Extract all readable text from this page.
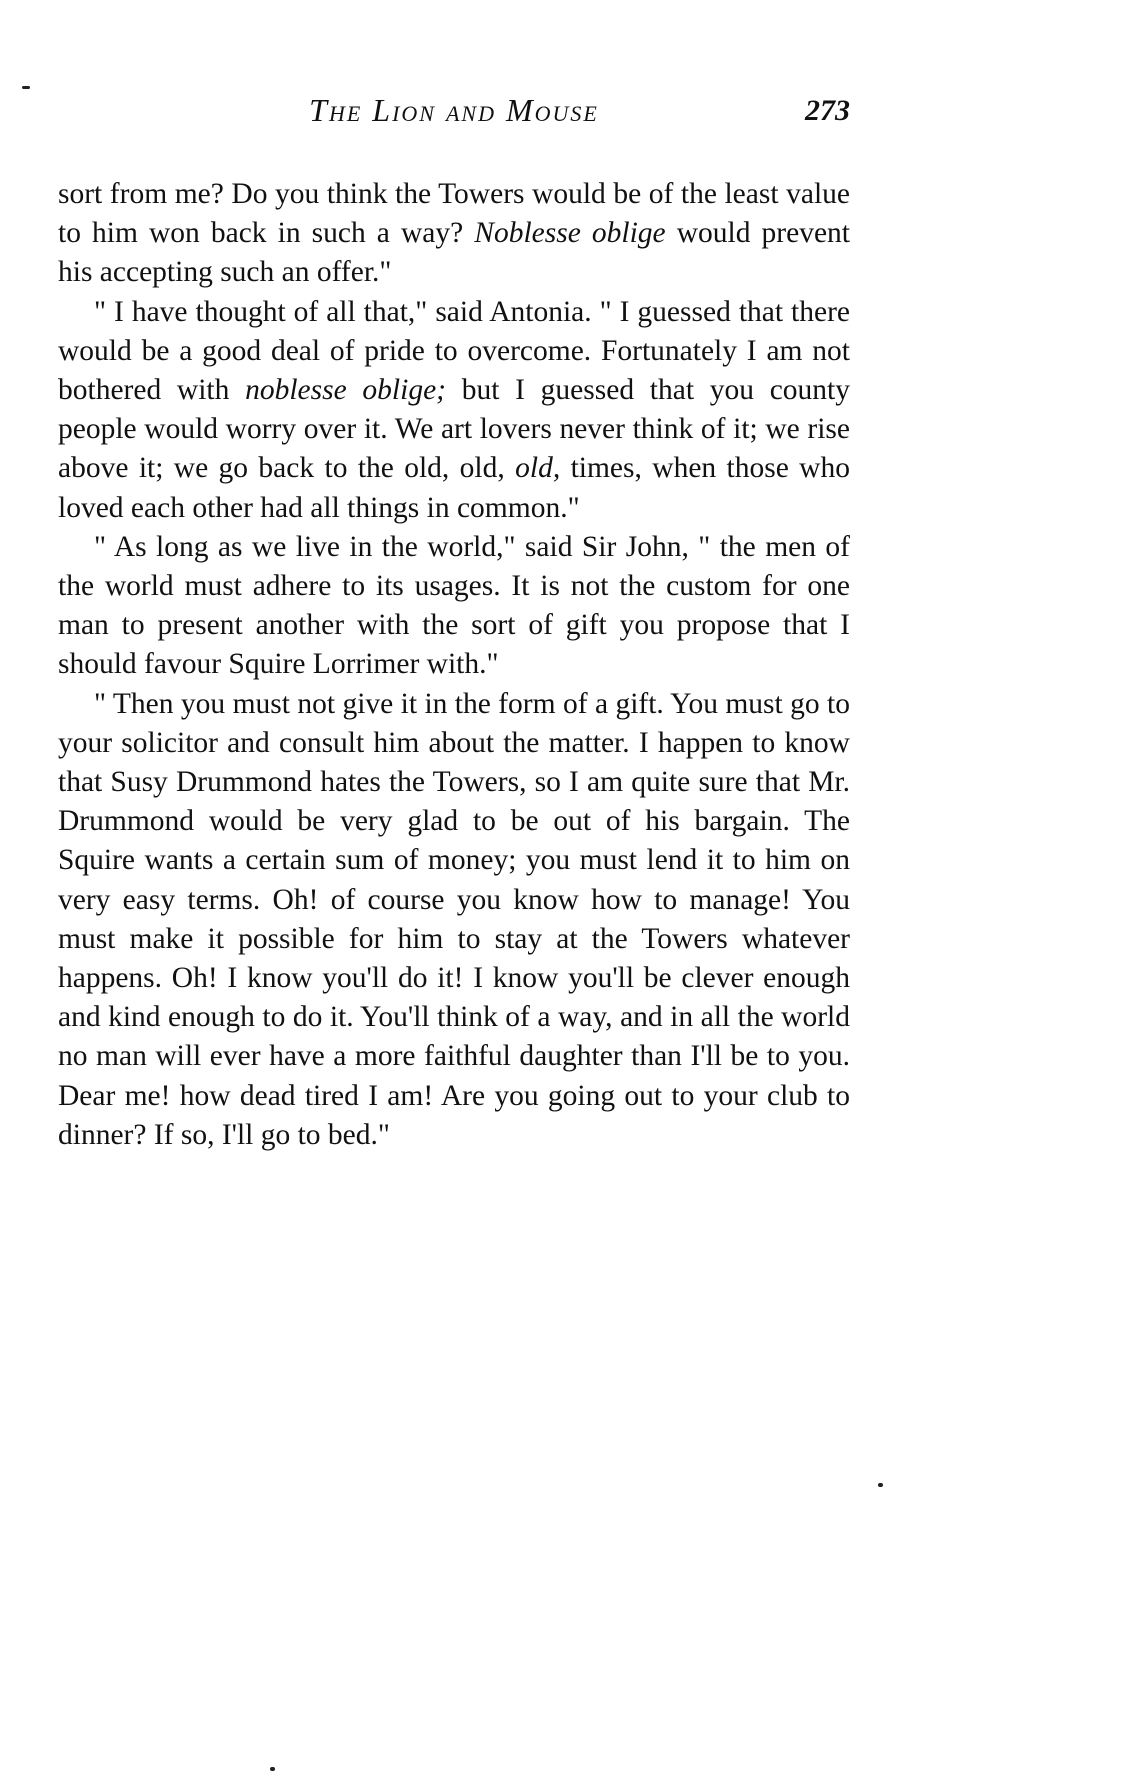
The Lion and Mouse	273

sort from me? Do you think the Towers would be of the least value to him won back in such a way? Noblesse oblige would prevent his accepting such an offer."

" I have thought of all that," said Antonia. " I guessed that there would be a good deal of pride to overcome. Fortunately I am not bothered with noblesse oblige; but I guessed that you county people would worry over it. We art lovers never think of it; we rise above it; we go back to the old, old, old, times, when those who loved each other had all things in common."

" As long as we live in the world," said Sir John, " the men of the world must adhere to its usages. It is not the custom for one man to present another with the sort of gift you propose that I should favour Squire Lorrimer with."

" Then you must not give it in the form of a gift. You must go to your solicitor and consult him about the matter. I happen to know that Susy Drummond hates the Towers, so I am quite sure that Mr. Drummond would be very glad to be out of his bargain. The Squire wants a certain sum of money; you must lend it to him on very easy terms. Oh! of course you know how to manage! You must make it possible for him to stay at the Towers whatever happens. Oh! I know you'll do it! I know you'll be clever enough and kind enough to do it. You'll think of a way, and in all the world no man will ever have a more faithful daughter than I'll be to you. Dear me! how dead tired I am! Are you going out to your club to dinner? If so, I'll go to bed."
